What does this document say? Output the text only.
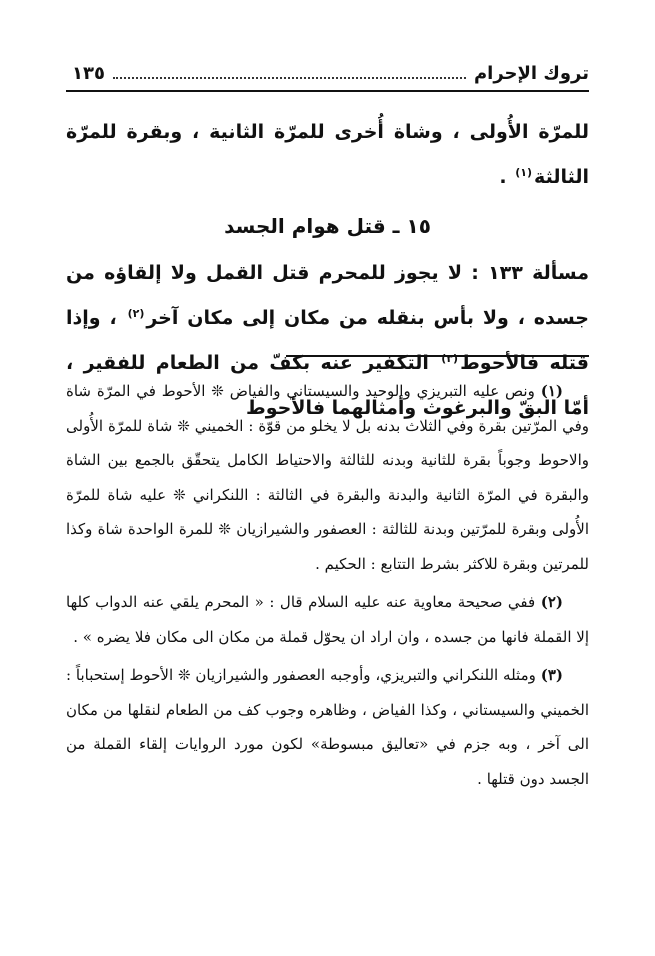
تروك الإحرام
١٣٥

للمرّة الأُولى ، وشاة أُخرى للمرّة الثانية ، وبقرة للمرّة الثالثة$^{(١)}$ .

١٥ ـ قتل هوام الجسد

مسألة ١٣٣ : لا يجوز للمحرم قتل القمل ولا إلقاؤه من جسده ، ولا بأس بنقله من مكان إلى مكان آخر$^{(٢)}$ ، وإذا قتله فالأحوط$^{(٣)}$ التكفير عنه بكفّ من الطعام للفقير ، أمّا البقّ والبرغوث وأمثالهما فالأحوط

(١) ونص عليه التبريزي والوحيد والسيستاني والفياض ❊ الأحوط في المرّة شاة وفي المرّتين بقرة وفي الثلاث بدنه بل لا يخلو من قوّة : الخميني ❊ شاة للمرّة الأُولى والاحوط وجوباً بقرة للثانية وبدنه للثالثة والاحتياط الكامل يتحقّق بالجمع بين الشاة والبقرة في المرّة الثانية والبدنة والبقرة في الثالثة : اللنكراني ❊ عليه شاة للمرّة الأُولى وبقرة للمرّتين وبدنة للثالثة : العصفور والشيرازيان ❊ للمرة الواحدة شاة وكذا للمرتين وبقرة للاكثر بشرط التتابع : الحكيم .

(٢) ففي صحيحة معاوية عنه عليه السلام قال : « المحرم يلقي عنه الدواب كلها إلا القملة فانها من جسده ، وان اراد ان يحوّل قملة من مكان الى مكان فلا يضره » .

(٣) ومثله اللنكراني والتبريزي، وأوجبه العصفور والشيرازيان ❊ الأحوط إستحباباً : الخميني والسيستاني ، وكذا الفياض ، وظاهره وجوب كف من الطعام لنقلها من مكان الى آخر ، وبه جزم في «تعاليق مبسوطة» لكون مورد الروايات إلقاء القملة من الجسد دون قتلها .
